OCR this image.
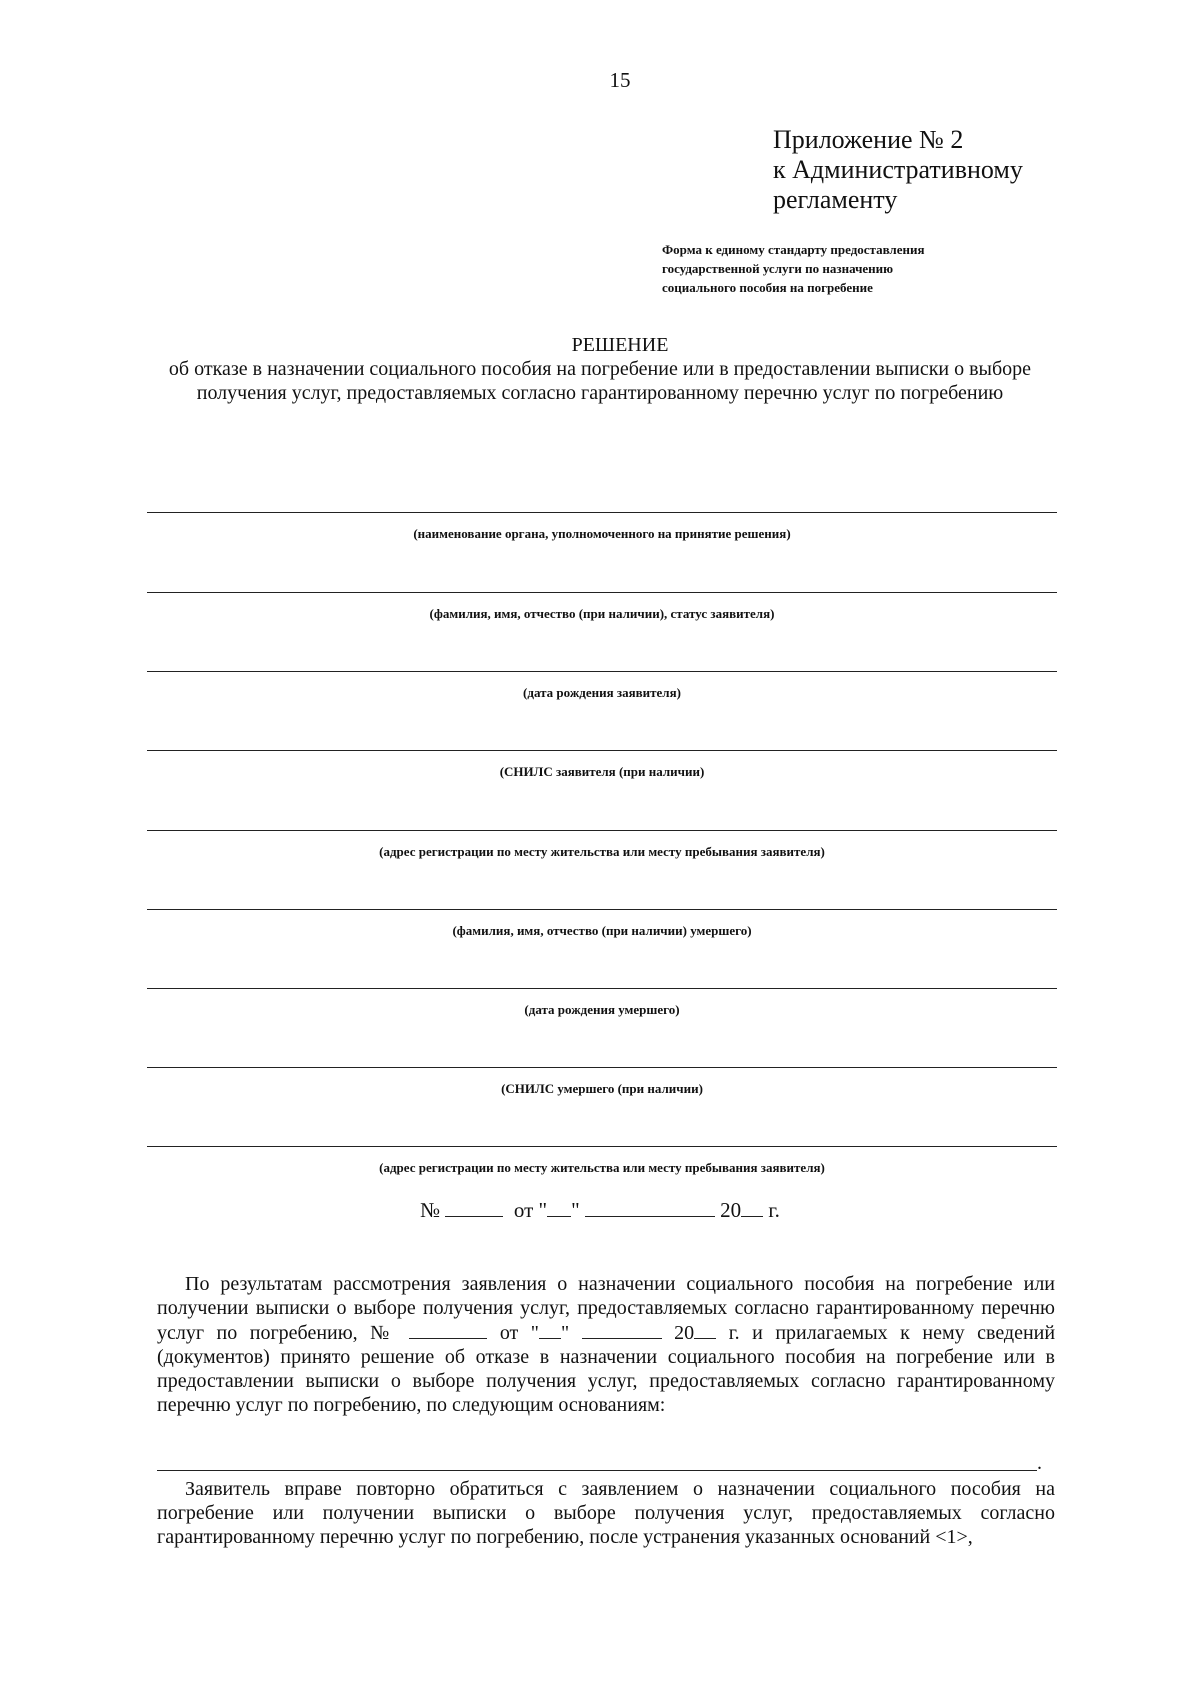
15
Приложение № 2
к Административному
регламенту
Форма к единому стандарту предоставления
государственной услуги по назначению
социального пособия на погребение
РЕШЕНИЕ
об отказе в назначении социального пособия на погребение или в предоставлении выписки о выборе получения услуг, предоставляемых согласно гарантированному перечню услуг по погребению
(наименование органа, уполномоченного на принятие решения)
(фамилия, имя, отчество (при наличии), статус заявителя)
(дата рождения заявителя)
(СНИЛС заявителя (при наличии)
(адрес регистрации по месту жительства или месту пребывания заявителя)
(фамилия, имя, отчество (при наличии) умершего)
(дата рождения умершего)
(СНИЛС умершего (при наличии)
(адрес регистрации по месту жительства или месту пребывания заявителя)
№	от " "	20 г.

По результатам рассмотрения заявления о назначении социального пособия на погребение или получении выписки о выборе получения услуг, предоставляемых согласно гарантированному перечню услуг по погребению, №	от " "	20 г. и прилагаемых к нему сведений (документов) принято решение об отказе в назначении социального пособия на погребение или в предоставлении выписки о выборе получения услуг, предоставляемых согласно гарантированному перечню услуг по погребению, по следующим основаниям:

.

Заявитель вправе повторно обратиться с заявлением о назначении социального пособия на погребение или получении выписки о выборе получения услуг, предоставляемых согласно гарантированному перечню услуг по погребению, после устранения указанных оснований <1>,
